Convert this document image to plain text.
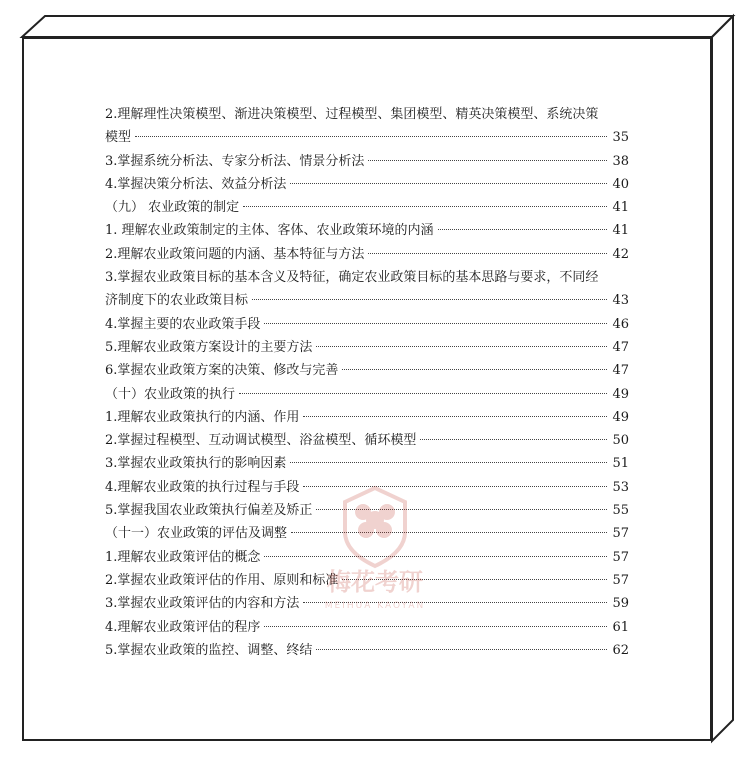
2.理解理性决策模型、渐进决策模型、过程模型、集团模型、精英决策模型、系统决策
模型	35
3.掌握系统分析法、专家分析法、情景分析法	38
4.掌握决策分析法、效益分析法	40
（九） 农业政策的制定	41
1. 理解农业政策制定的主体、客体、农业政策环境的内涵	41
2.理解农业政策问题的内涵、基本特征与方法	42
3.掌握农业政策目标的基本含义及特征，确定农业政策目标的基本思路与要求，不同经
济制度下的农业政策目标	43
4.掌握主要的农业政策手段	46
5.理解农业政策方案设计的主要方法	47
6.掌握农业政策方案的决策、修改与完善	47
（十）农业政策的执行	49
1.理解农业政策执行的内涵、作用	49
2.掌握过程模型、互动调试模型、浴盆模型、循环模型	50
3.掌握农业政策执行的影响因素	51
4.理解农业政策的执行过程与手段	53
5.掌握我国农业政策执行偏差及矫正	55
（十一）农业政策的评估及调整	57
1.理解农业政策评估的概念	57
2.掌握农业政策评估的作用、原则和标准	57
3.掌握农业政策评估的内容和方法	59
4.理解农业政策评估的程序	61
5.掌握农业政策的监控、调整、终结	62
梅花考研
MEIHUA KAOYAN
